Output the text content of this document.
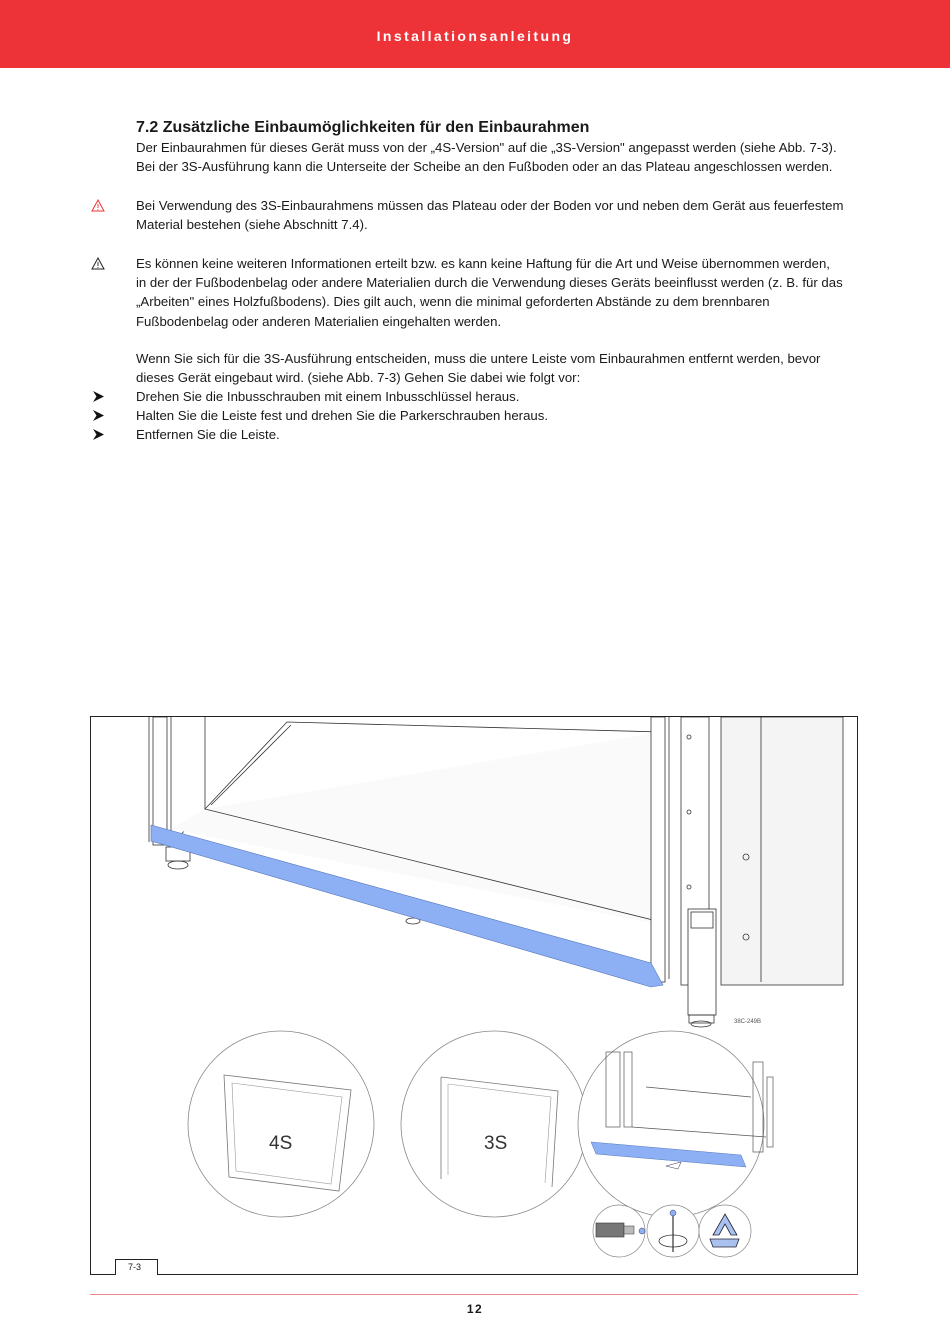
Installationsanleitung
7.2 Zusätzliche Einbaumöglichkeiten für den Einbaurahmen

Der Einbaurahmen für dieses Gerät muss von der „4S-Version" auf die „3S-Version" angepasst werden (siehe Abb. 7-3).

Bei der 3S-Ausführung kann die Unterseite der Scheibe an den Fußboden oder an das Plateau angeschlossen werden.

Bei Verwendung des 3S-Einbaurahmens müssen das Plateau oder der Boden vor und neben dem Gerät aus feuerfestem

Material bestehen (siehe Abschnitt 7.4).

Es können keine weiteren Informationen erteilt bzw. es kann keine Haftung für die Art und Weise übernommen werden,

in der der Fußbodenbelag oder andere Materialien durch die Verwendung dieses Geräts beeinflusst werden (z. B. für das

„Arbeiten" eines Holzfußbodens). Dies gilt auch, wenn die minimal geforderten Abstände zu dem brennbaren

Fußbodenbelag oder anderen Materialien eingehalten werden.

Wenn Sie sich für die 3S-Ausführung entscheiden, muss die untere Leiste vom Einbaurahmen entfernt werden, bevor

dieses Gerät eingebaut wird. (siehe Abb. 7-3) Gehen Sie dabei wie folgt vor:

Drehen Sie die Inbusschrauben mit einem Inbusschlüssel heraus.
Halten Sie die Leiste fest und drehen Sie die Parkerschrauben heraus.
Entfernen Sie die Leiste.
38C-249B
4S	3S
7-3
12
